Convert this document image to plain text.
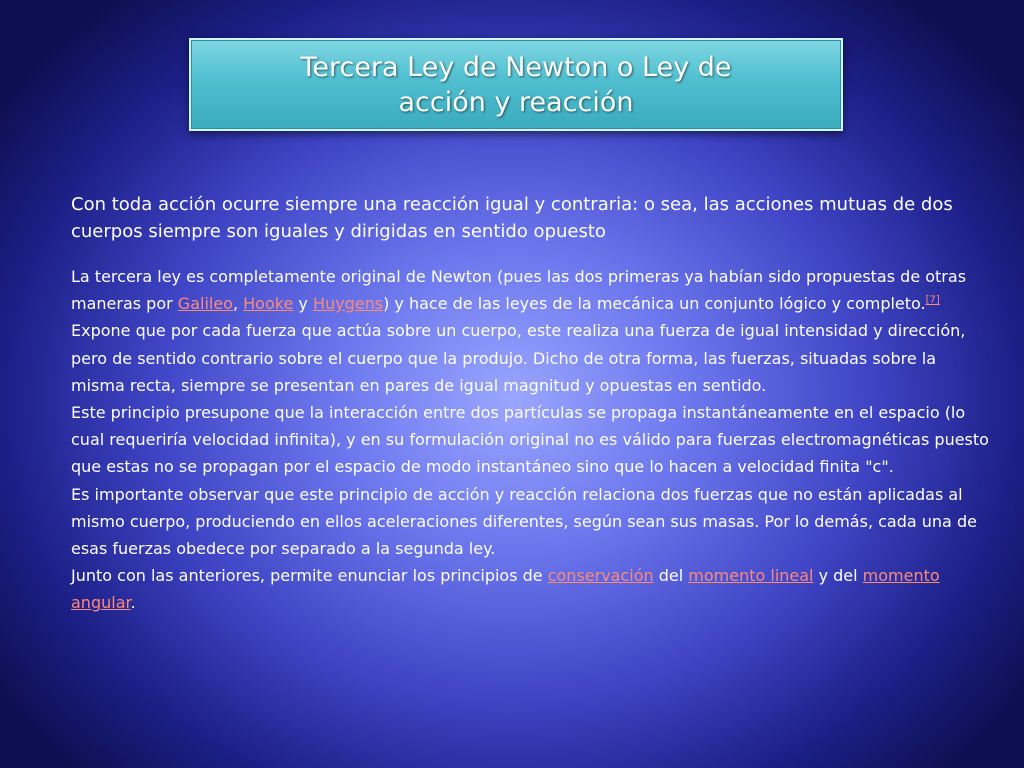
Tercera Ley de Newton o Ley de
acción y reacción

Con toda acción ocurre siempre una reacción igual y contraria: o sea, las acciones mutuas de dos cuerpos siempre son iguales y dirigidas en sentido opuesto

La tercera ley es completamente original de Newton (pues las dos primeras ya habían sido propuestas de otras maneras por Galileo, Hooke y Huygens) y hace de las leyes de la mecánica un conjunto lógico y completo.[7] Expone que por cada fuerza que actúa sobre un cuerpo, este realiza una fuerza de igual intensidad y dirección, pero de sentido contrario sobre el cuerpo que la produjo. Dicho de otra forma, las fuerzas, situadas sobre la misma recta, siempre se presentan en pares de igual magnitud y opuestas en sentido.

Este principio presupone que la interacción entre dos partículas se propaga instantáneamente en el espacio (lo cual requeriría velocidad infinita), y en su formulación original no es válido para fuerzas electromagnéticas puesto que estas no se propagan por el espacio de modo instantáneo sino que lo hacen a velocidad finita "c".

Es importante observar que este principio de acción y reacción relaciona dos fuerzas que no están aplicadas al mismo cuerpo, produciendo en ellos aceleraciones diferentes, según sean sus masas. Por lo demás, cada una de esas fuerzas obedece por separado a la segunda ley.

Junto con las anteriores, permite enunciar los principios de conservación del momento lineal y del momento angular.
